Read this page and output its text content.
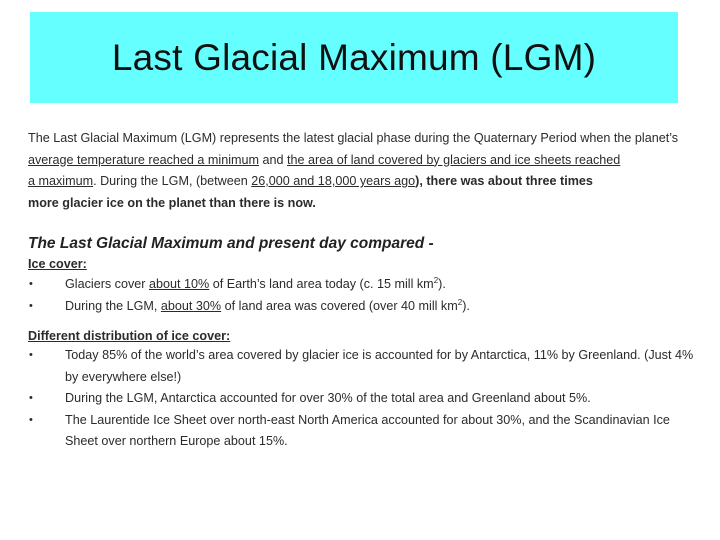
Last Glacial Maximum (LGM)

The Last Glacial Maximum (LGM) represents the latest glacial phase during the Quaternary Period when the planet’s average temperature reached a minimum and the area of land covered by glaciers and ice sheets reached
a maximum. During the LGM, (between 26,000 and 18,000 years ago), there was about three times
more glacier ice on the planet than there is now.

The Last Glacial Maximum and present day compared -
Ice cover:
•	Glaciers cover about 10% of Earth’s land area today (c. 15 mill $km^2$).
•	During the LGM, about 30% of land area was covered (over 40 mill $km^2$).
Different distribution of ice cover:
•	Today 85% of the world’s area covered by glacier ice is accounted for by Antarctica, 11% by Greenland. (Just 4% by everywhere else!)
•	During the LGM, Antarctica accounted for over 30% of the total area and Greenland about 5%.
•	The Laurentide Ice Sheet over north-east North America accounted for about 30%, and the Scandinavian Ice Sheet over northern Europe about 15%.
